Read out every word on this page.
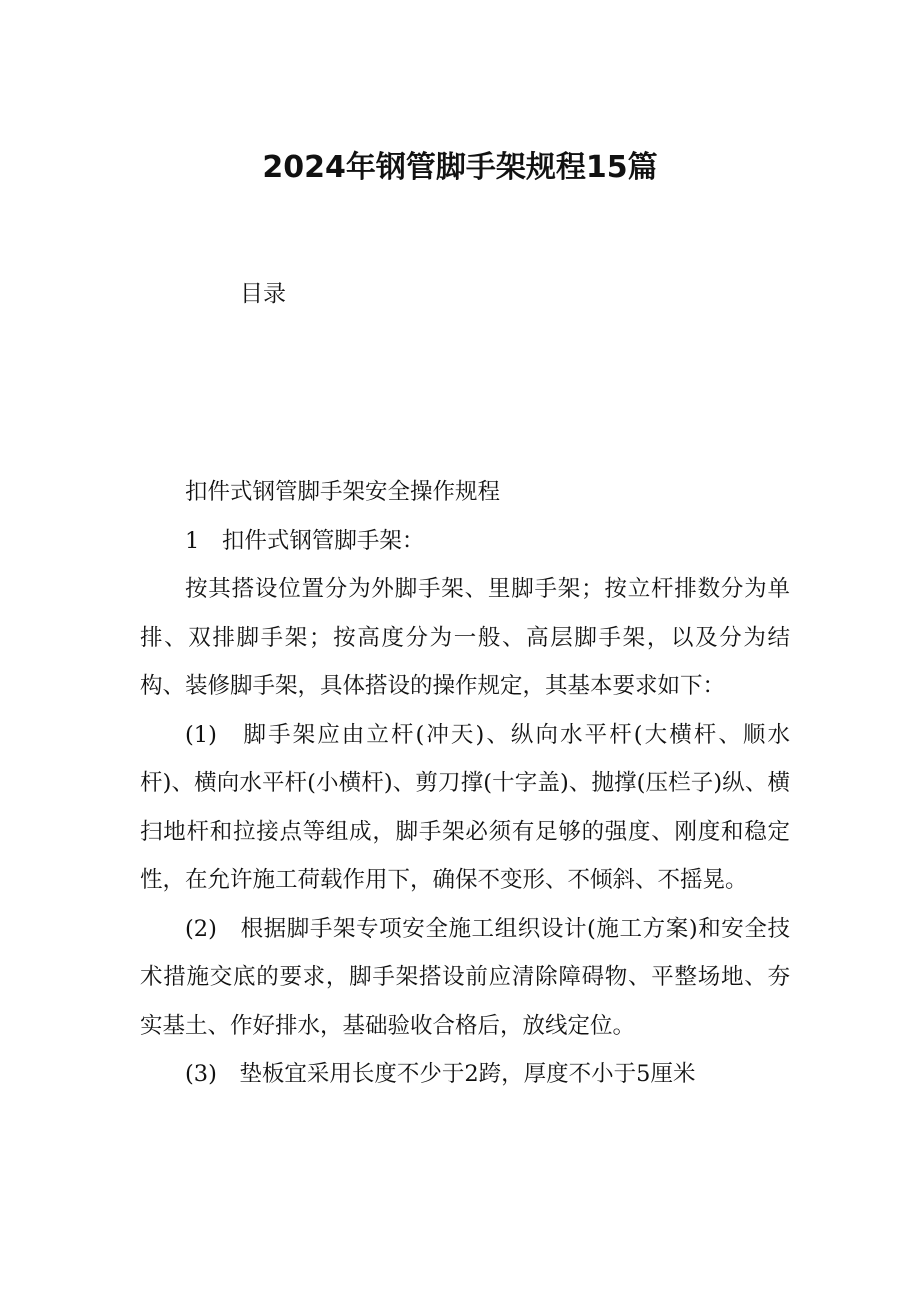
2024年钢管脚手架规程15篇
目录

扣件式钢管脚手架安全操作规程

1　扣件式钢管脚手架：

按其搭设位置分为外脚手架、里脚手架；按立杆排数分为单排、双排脚手架；按高度分为一般、高层脚手架，以及分为结构、装修脚手架，具体搭设的操作规定，其基本要求如下：

(1)　脚手架应由立杆(冲天)、纵向水平杆(大横杆、顺水杆)、横向水平杆(小横杆)、剪刀撑(十字盖)、抛撑(压栏子)纵、横扫地杆和拉接点等组成，脚手架必须有足够的强度、刚度和稳定性，在允许施工荷载作用下，确保不变形、不倾斜、不摇晃。

(2)　根据脚手架专项安全施工组织设计(施工方案)和安全技术措施交底的要求，脚手架搭设前应清除障碍物、平整场地、夯实基土、作好排水，基础验收合格后，放线定位。

(3)　垫板宜采用长度不少于2跨，厚度不小于5厘米
